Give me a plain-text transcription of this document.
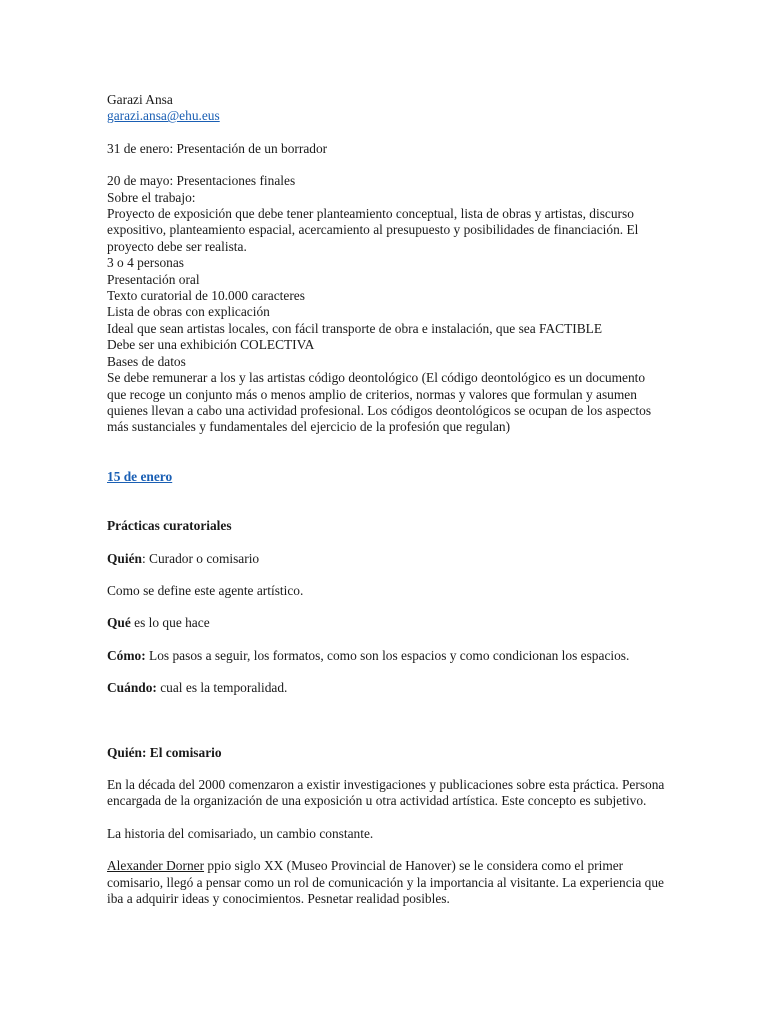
Garazi Ansa

garazi.ansa@ehu.eus

31 de enero: Presentación de un borrador

20 de mayo: Presentaciones finales

Sobre el trabajo:

Proyecto de exposición que debe tener planteamiento conceptual, lista de obras y artistas, discurso expositivo, planteamiento espacial, acercamiento al presupuesto y posibilidades de financiación. El proyecto debe ser realista.

3 o 4 personas

Presentación oral

Texto curatorial de 10.000 caracteres

Lista de obras con explicación

Ideal que sean artistas locales, con fácil transporte de obra e instalación, que sea FACTIBLE

Debe ser una exhibición COLECTIVA

Bases de datos

Se debe remunerar a los y las artistas código deontológico (El código deontológico es un documento que recoge un conjunto más o menos amplio de criterios, normas y valores que formulan y asumen quienes llevan a cabo una actividad profesional. Los códigos deontológicos se ocupan de los aspectos más sustanciales y fundamentales del ejercicio de la profesión que regulan)

15 de enero

Prácticas curatoriales

Quién: Curador o comisario

Como se define este agente artístico.

Qué es lo que hace

Cómo: Los pasos a seguir, los formatos, como son los espacios y como condicionan los espacios.

Cuándo: cual es la temporalidad.

Quién: El comisario

En la década del 2000 comenzaron a existir investigaciones y publicaciones sobre esta práctica. Persona encargada de la organización de una exposición u otra actividad artística. Este concepto es subjetivo.

La historia del comisariado, un cambio constante.

Alexander Dorner ppio siglo XX (Museo Provincial de Hanover) se le considera como el primer comisario, llegó a pensar como un rol de comunicación y la importancia al visitante. La experiencia que iba a adquirir ideas y conocimientos. Pesnetar realidad posibles.
